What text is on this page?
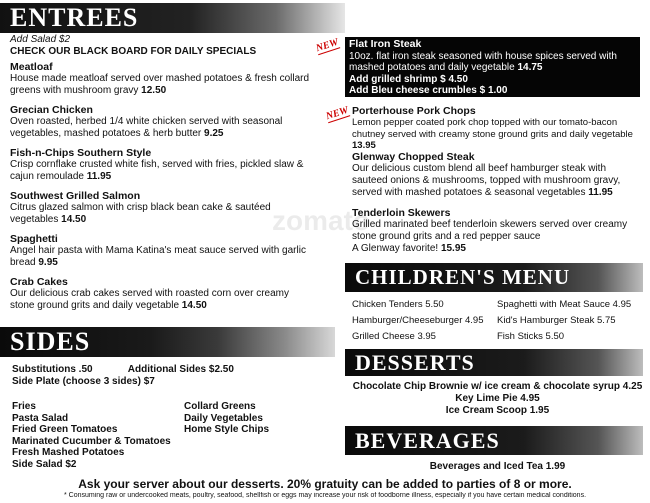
ENTREES
Add Salad $2
CHECK OUR BLACK BOARD FOR DAILY SPECIALS
Meatloaf
House made meatloaf served over mashed potatoes & fresh collard greens with mushroom gravy 12.50
Grecian Chicken
Oven roasted, herbed 1/4 white chicken served with seasonal vegetables, mashed potatoes & herb butter 9.25
Fish-n-Chips Southern Style
Crisp cornflake crusted white fish, served with fries, pickled slaw & cajun remoulade 11.95
Southwest Grilled Salmon
Citrus glazed salmon with crisp black bean cake & sautéed vegetables 14.50
Spaghetti
Angel hair pasta with Mama Katina's meat sauce served with garlic bread 9.95
Crab Cakes
Our delicious crab cakes served with roasted corn over creamy stone ground grits and daily vegetable 14.50
NEW Flat Iron Steak
10oz. flat iron steak seasoned with house spices served with mashed potatoes and daily vegetable 14.75
Add grilled shrimp $ 4.50
Add Bleu cheese crumbles $ 1.00
NEW Porterhouse Pork Chops
Lemon pepper coated pork chop topped with our tomato-bacon chutney served with creamy stone ground grits and daily vegetable 13.95
Glenway Chopped Steak
Our delicious custom blend all beef hamburger steak with sauteed onions & mushrooms, topped with mushroom gravy, served with mashed potatoes & seasonal vegetables 11.95
Tenderloin Skewers
Grilled marinated beef tenderloin skewers served over creamy stone ground grits and a red pepper sauce
A Glenway favorite! 15.95
CHILDREN'S MENU
Chicken Tenders 5.50
Hamburger/Cheeseburger 4.95
Grilled Cheese 3.95
Spaghetti with Meat Sauce 4.95
Kid's Hamburger Steak 5.75
Fish Sticks 5.50
SIDES
Substitutions .50	Additional Sides $2.50
Side Plate (choose 3 sides) $7
Fries
Pasta Salad
Fried Green Tomatoes
Marinated Cucumber & Tomatoes
Fresh Mashed Potatoes
Side Salad $2
Collard Greens
Daily Vegetables
Home Style Chips
DESSERTS
Chocolate Chip Brownie w/ ice cream & chocolate syrup 4.25
Key Lime Pie 4.95
Ice Cream Scoop 1.95
BEVERAGES
Beverages and Iced Tea 1.99
Ask your server about our desserts. 20% gratuity can be added to parties of 8 or more.
* Consuming raw or undercooked meats, poultry, seafood, shellfish or eggs may increase your risk of foodborne illness, especially if you have certain medical conditions.
zomato
